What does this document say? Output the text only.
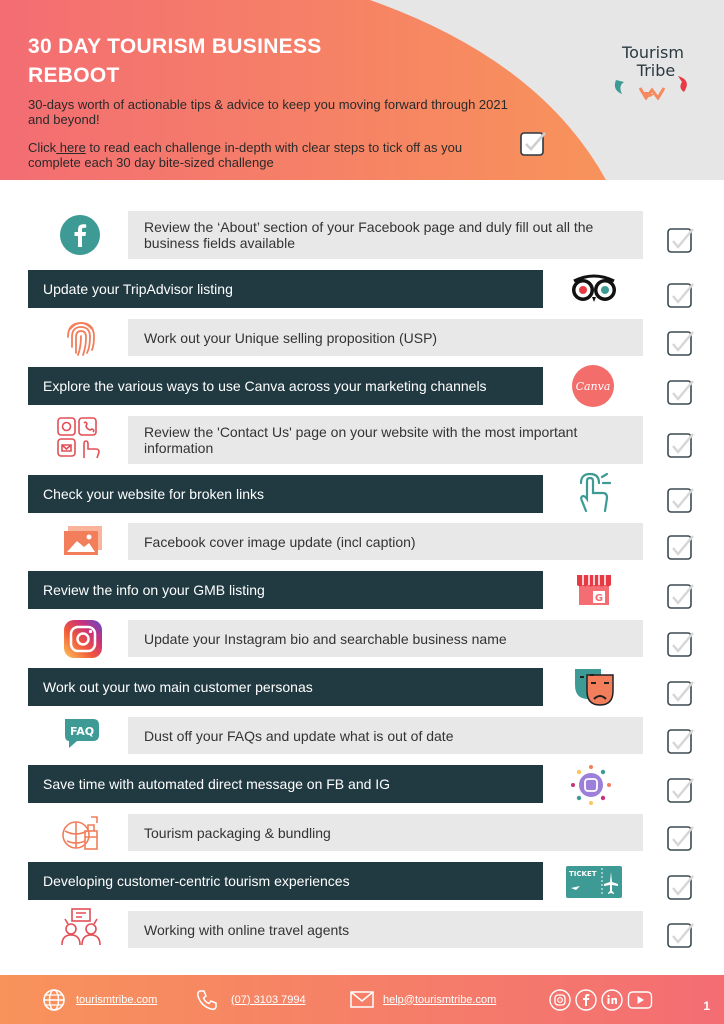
30 DAY TOURISM BUSINESS
REBOOT
30-days worth of actionable tips & advice to keep you moving forward through 2021 and beyond!
Click here to read each challenge in-depth with clear steps to tick off as you complete each 30 day bite-sized challenge
Tourism
Tribe
Review the ‘About’ section of your Facebook page and duly fill out all the business fields available
Update your TripAdvisor listing
Work out your Unique selling proposition (USP)
Explore the various ways to use Canva across your marketing channels	Canva
Review the 'Contact Us' page on your website with the most important information
Check your website for broken links
Facebook cover image update (incl caption)
Review the info on your GMB listing
G
Update your Instagram bio and searchable business name
Work out your two main customer personas
Dust off your FAQs and update what is out of date
FAQ
Save time with automated direct message on FB and IG
Tourism packaging & bundling
Developing customer-centric tourism experiences	TICKET
Working with online travel agents
tourismtribe.com	(07) 3103 7994	help@tourismtribe.com	1
